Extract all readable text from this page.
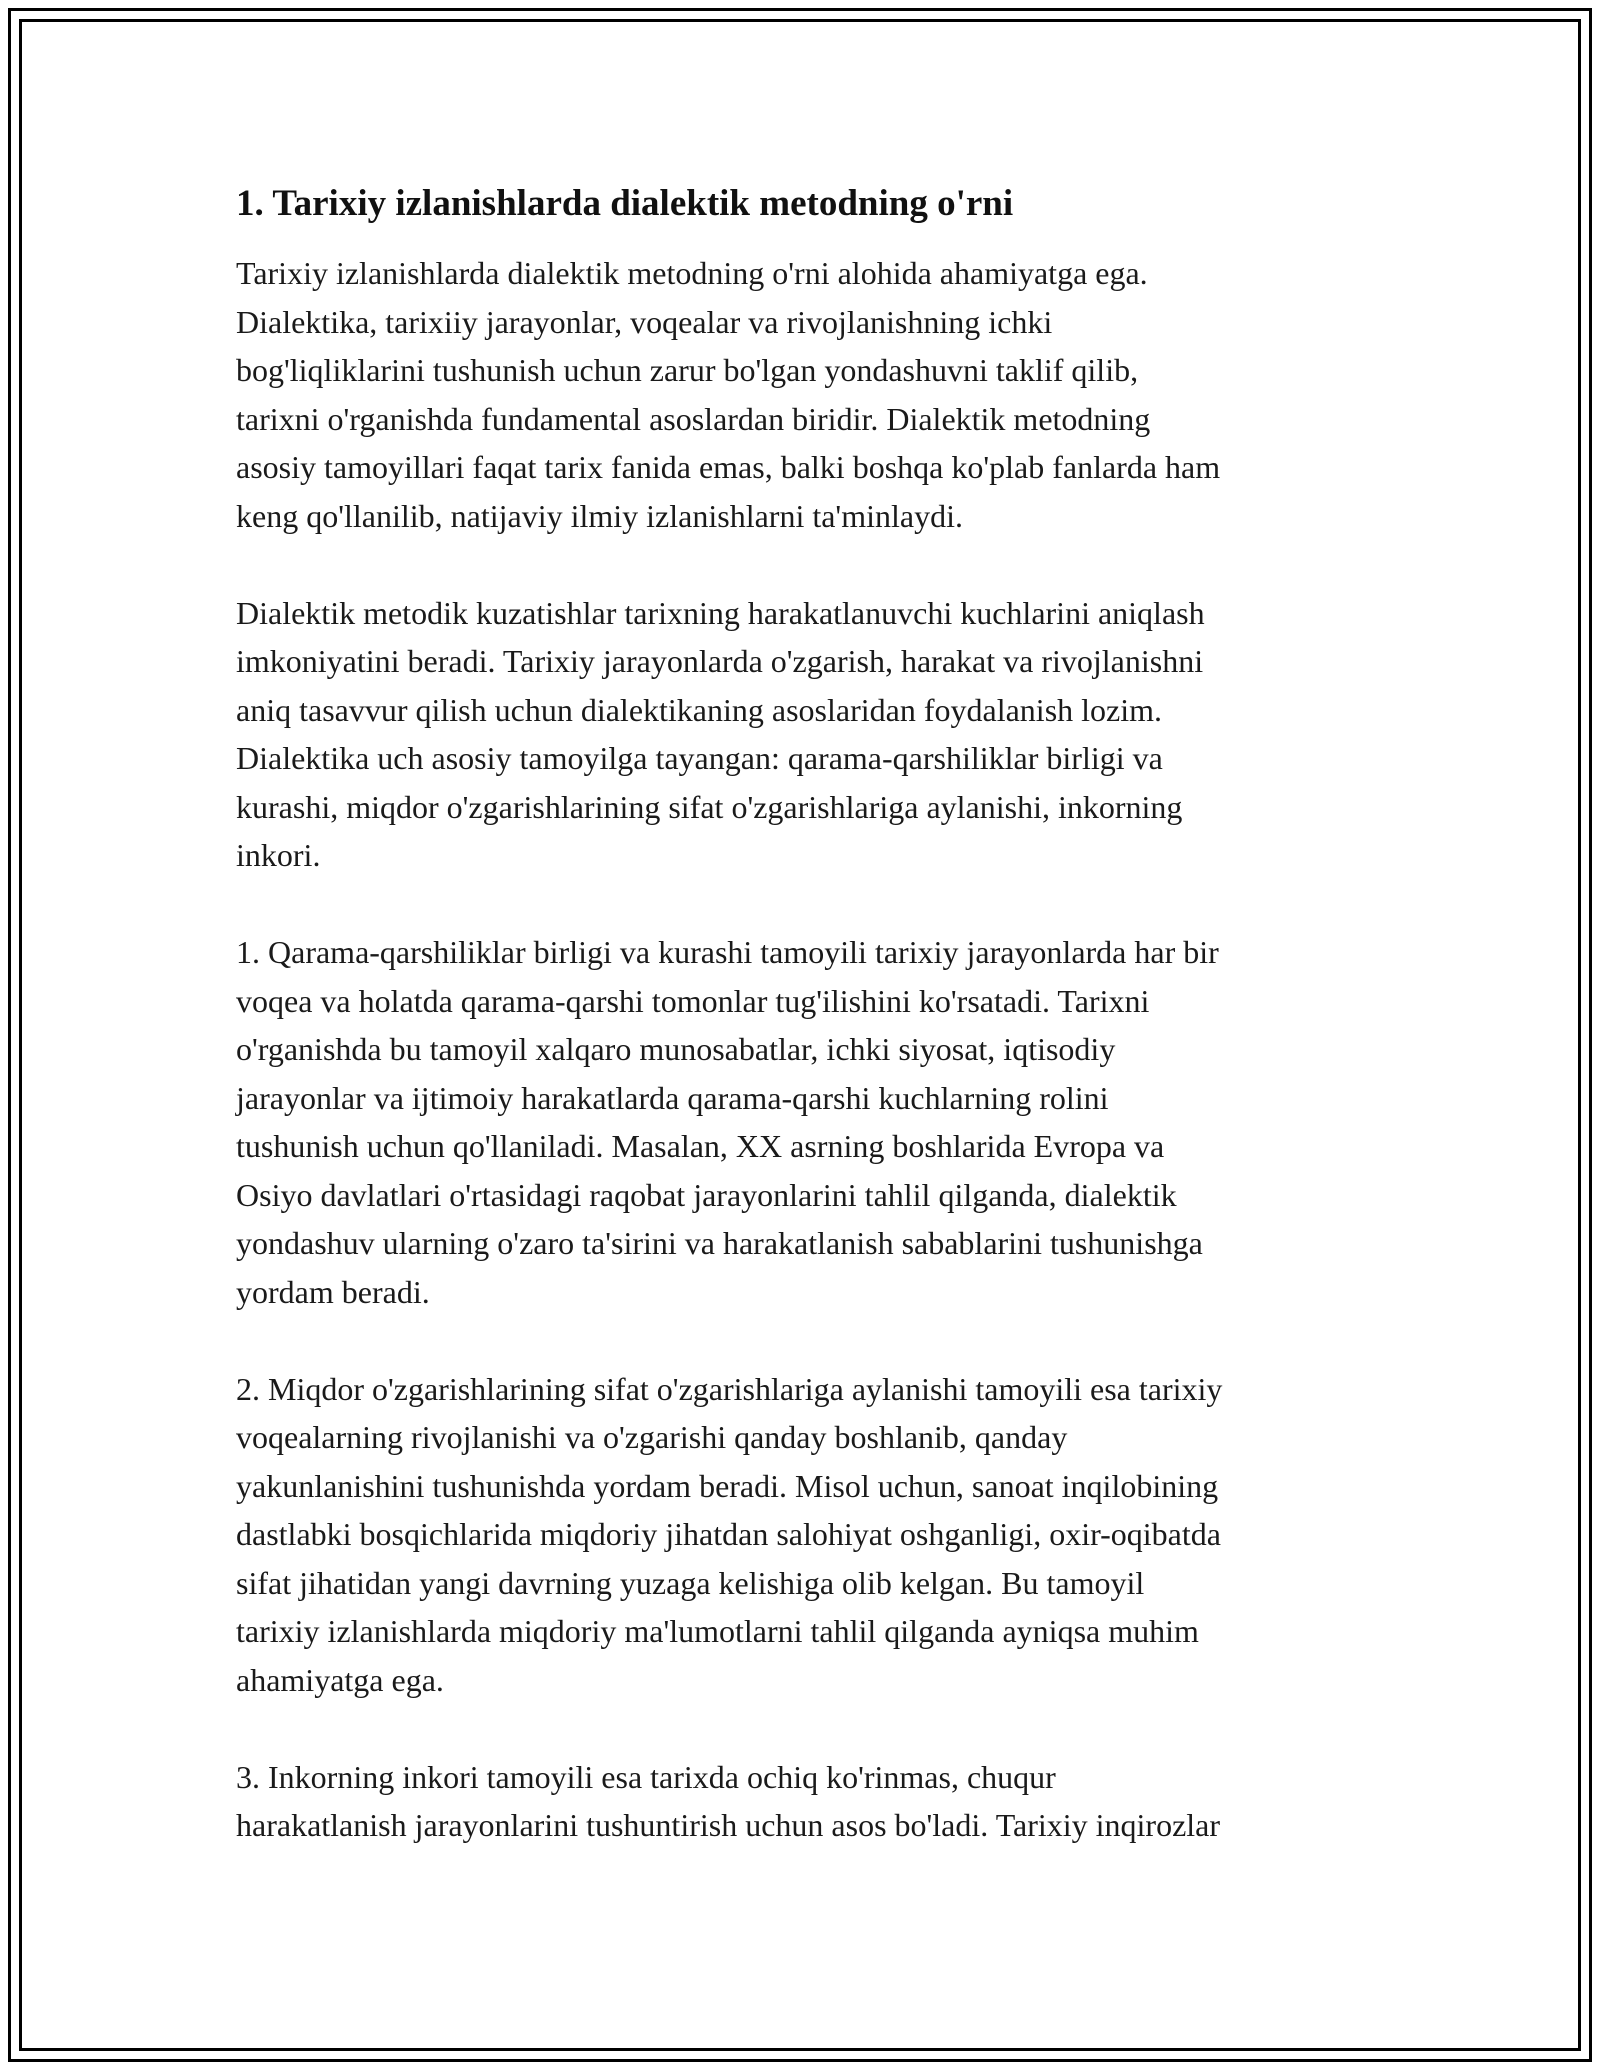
1. Tarixiy izlanishlarda dialektik metodning o'rni
Tarixiy izlanishlarda dialektik metodning o'rni alohida ahamiyatga ega.
Dialektika, tarixiiy jarayonlar, voqealar va rivojlanishning ichki
bog'liqliklarini tushunish uchun zarur bo'lgan yondashuvni taklif qilib,
tarixni o'rganishda fundamental asoslardan biridir. Dialektik metodning
asosiy tamoyillari faqat tarix fanida emas, balki boshqa ko'plab fanlarda ham
keng qo'llanilib, natijaviy ilmiy izlanishlarni ta'minlaydi.
Dialektik metodik kuzatishlar tarixning harakatlanuvchi kuchlarini aniqlash
imkoniyatini beradi. Tarixiy jarayonlarda o'zgarish, harakat va rivojlanishni
aniq tasavvur qilish uchun dialektikaning asoslaridan foydalanish lozim.
Dialektika uch asosiy tamoyilga tayangan: qarama-qarshiliklar birligi va
kurashi, miqdor o'zgarishlarining sifat o'zgarishlariga aylanishi, inkorning
inkori.
1. Qarama-qarshiliklar birligi va kurashi tamoyili tarixiy jarayonlarda har bir
voqea va holatda qarama-qarshi tomonlar tug'ilishini ko'rsatadi. Tarixni
o'rganishda bu tamoyil xalqaro munosabatlar, ichki siyosat, iqtisodiy
jarayonlar va ijtimoiy harakatlarda qarama-qarshi kuchlarning rolini
tushunish uchun qo'llaniladi. Masalan, XX asrning boshlarida Evropa va
Osiyo davlatlari o'rtasidagi raqobat jarayonlarini tahlil qilganda, dialektik
yondashuv ularning o'zaro ta'sirini va harakatlanish sabablarini tushunishga
yordam beradi.
2. Miqdor o'zgarishlarining sifat o'zgarishlariga aylanishi tamoyili esa tarixiy
voqealarning rivojlanishi va o'zgarishi qanday boshlanib, qanday
yakunlanishini tushunishda yordam beradi. Misol uchun, sanoat inqilobining
dastlabki bosqichlarida miqdoriy jihatdan salohiyat oshganligi, oxir-oqibatda
sifat jihatidan yangi davrning yuzaga kelishiga olib kelgan. Bu tamoyil
tarixiy izlanishlarda miqdoriy ma'lumotlarni tahlil qilganda ayniqsa muhim
ahamiyatga ega.
3. Inkorning inkori tamoyili esa tarixda ochiq ko'rinmas, chuqur
harakatlanish jarayonlarini tushuntirish uchun asos bo'ladi. Tarixiy inqirozlar
